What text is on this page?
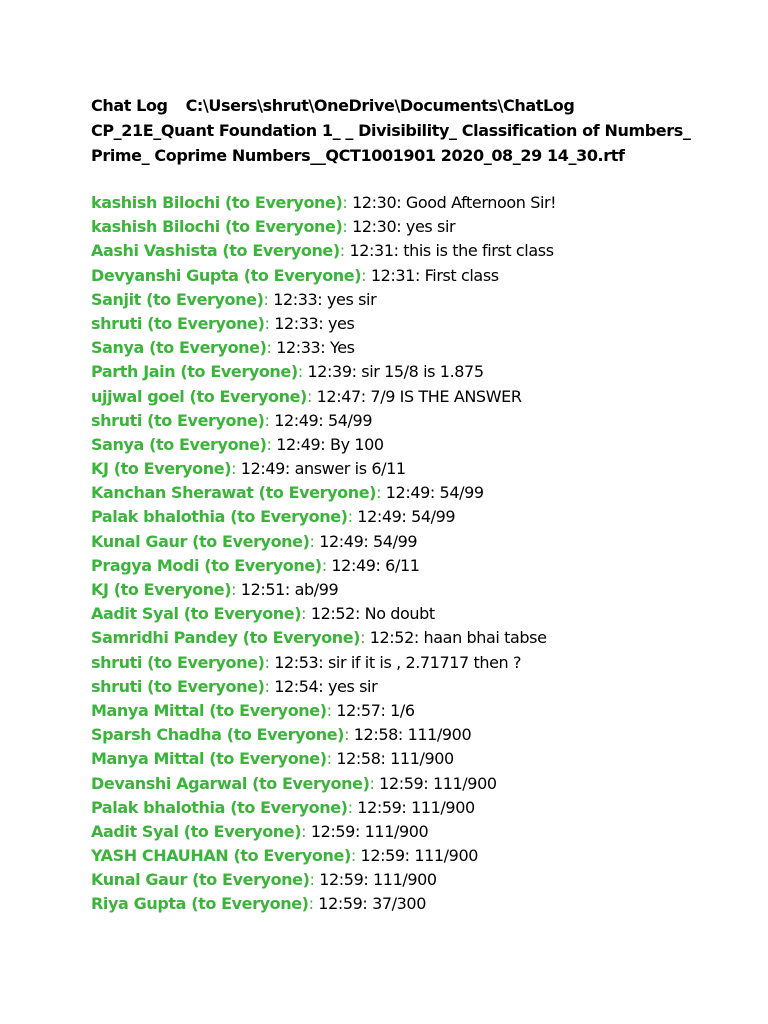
Chat Log C:\Users\shrut\OneDrive\Documents\ChatLog
CP_21E_Quant Foundation 1_ _ Divisibility_ Classification of Numbers_
Prime_ Coprime Numbers__QCT1001901 2020_08_29 14_30.rtf
kashish Bilochi (to Everyone): 12:30: Good Afternoon Sir!
kashish Bilochi (to Everyone): 12:30: yes sir
Aashi Vashista (to Everyone): 12:31: this is the first class
Devyanshi Gupta (to Everyone): 12:31: First class
Sanjit (to Everyone): 12:33: yes sir
shruti (to Everyone): 12:33: yes
Sanya (to Everyone): 12:33: Yes
Parth Jain (to Everyone): 12:39: sir 15/8 is 1.875
ujjwal goel (to Everyone): 12:47: 7/9 IS THE ANSWER
shruti (to Everyone): 12:49: 54/99
Sanya (to Everyone): 12:49: By 100
KJ (to Everyone): 12:49: answer is 6/11
Kanchan Sherawat (to Everyone): 12:49: 54/99
Palak bhalothia (to Everyone): 12:49: 54/99
Kunal Gaur (to Everyone): 12:49: 54/99
Pragya Modi (to Everyone): 12:49: 6/11
KJ (to Everyone): 12:51: ab/99
Aadit Syal (to Everyone): 12:52: No doubt
Samridhi Pandey (to Everyone): 12:52: haan bhai tabse
shruti (to Everyone): 12:53: sir if it is , 2.71717 then ?
shruti (to Everyone): 12:54: yes sir
Manya Mittal (to Everyone): 12:57: 1/6
Sparsh Chadha (to Everyone): 12:58: 111/900
Manya Mittal (to Everyone): 12:58: 111/900
Devanshi Agarwal (to Everyone): 12:59: 111/900
Palak bhalothia (to Everyone): 12:59: 111/900
Aadit Syal (to Everyone): 12:59: 111/900
YASH CHAUHAN (to Everyone): 12:59: 111/900
Kunal Gaur (to Everyone): 12:59: 111/900
Riya Gupta (to Everyone): 12:59: 37/300
